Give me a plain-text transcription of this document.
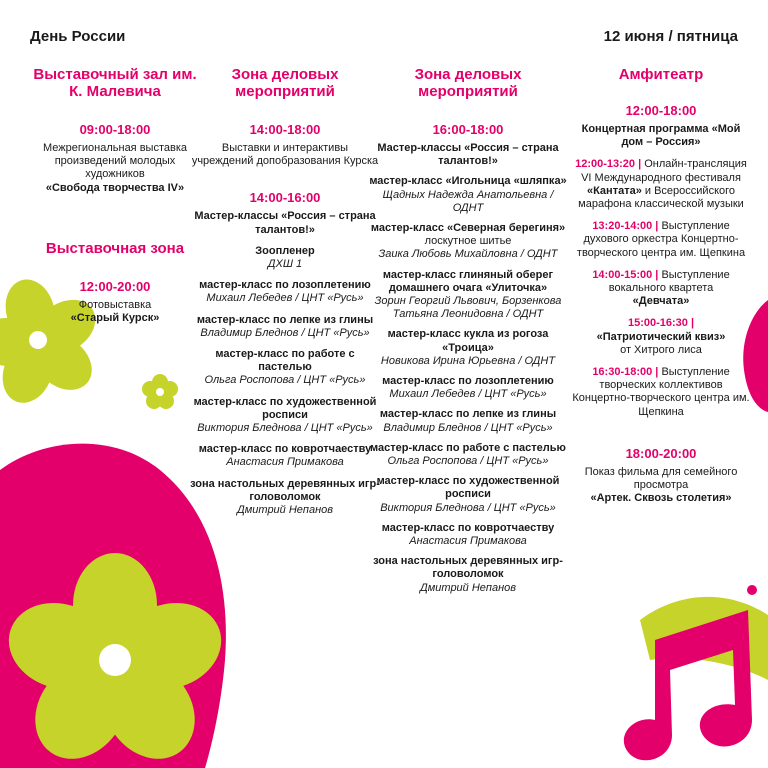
День России	12 июня / пятница
Выставочный зал им. К. Малевича
09:00-18:00
Межрегиональная выставка произведений молодых художников
«Свобода творчества IV»
Выставочная зона
12:00-20:00
Фотовыставка
«Старый Курск»
Зона деловых мероприятий
14:00-18:00
Выставки и интерактивы учреждений допобразования Курска
14:00-16:00
Мастер-классы «Россия – страна талантов!»
Зоопленер
ДХШ 1
мастер-класс по лозоплетению
Михаил Лебедев / ЦНТ «Русь»
мастер-класс по лепке из глины
Владимир Бледнов / ЦНТ «Русь»
мастер-класс по работе с пастелью
Ольга Роспопова / ЦНТ «Русь»
мастер-класс по художественной росписи
Виктория Бледнова / ЦНТ «Русь»
мастер-класс по ковротчаеству
Анастасия Примакова
зона настольных деревянных игр-головоломок
Дмитрий Непанов
Зона деловых мероприятий
16:00-18:00
Мастер-классы «Россия – страна талантов!»
мастер-класс «Игольница «шляпка»
Щадных Надежда Анатольевна / ОДНТ
мастер-класс «Северная берегиня»
лоскутное шитье
Заика Любовь Михайловна / ОДНТ
мастер-класс глиняный оберег домашнего очага «Улиточка»
Зорин Георгий Львович, Борзенкова Татьяна Леонидовна / ОДНТ
мастер-класс кукла из рогоза «Троица»
Новикова Ирина Юрьевна / ОДНТ
мастер-класс по лозоплетению
Михаил Лебедев / ЦНТ «Русь»
мастер-класс по лепке из глины
Владимир Бледнов / ЦНТ «Русь»
мастер-класс по работе с пастелью
Ольга Роспопова / ЦНТ «Русь»
мастер-класс по художественной росписи
Виктория Бледнова / ЦНТ «Русь»
мастер-класс по ковротчаеству
Анастасия Примакова
зона настольных деревянных игр-головоломок
Дмитрий Непанов
Амфитеатр
12:00-18:00
Концертная программа «Мой дом – Россия»
12:00-13:20 | Онлайн-трансляция VI Международного фестиваля «Кантата» и Всероссийского марафона классической музыки
13:20-14:00 | Выступление духового оркестра Концертно-творческого центра им. Щепкина
14:00-15:00 | Выступление вокального квартета
«Девчата»
15:00-16:30 |
«Патриотический квиз»
от Хитрого лиса
16:30-18:00 | Выступление творческих коллективов Концертно-творческого центра им. Щепкина
18:00-20:00
Показ фильма для семейного просмотра
«Артек. Сквозь столетия»
